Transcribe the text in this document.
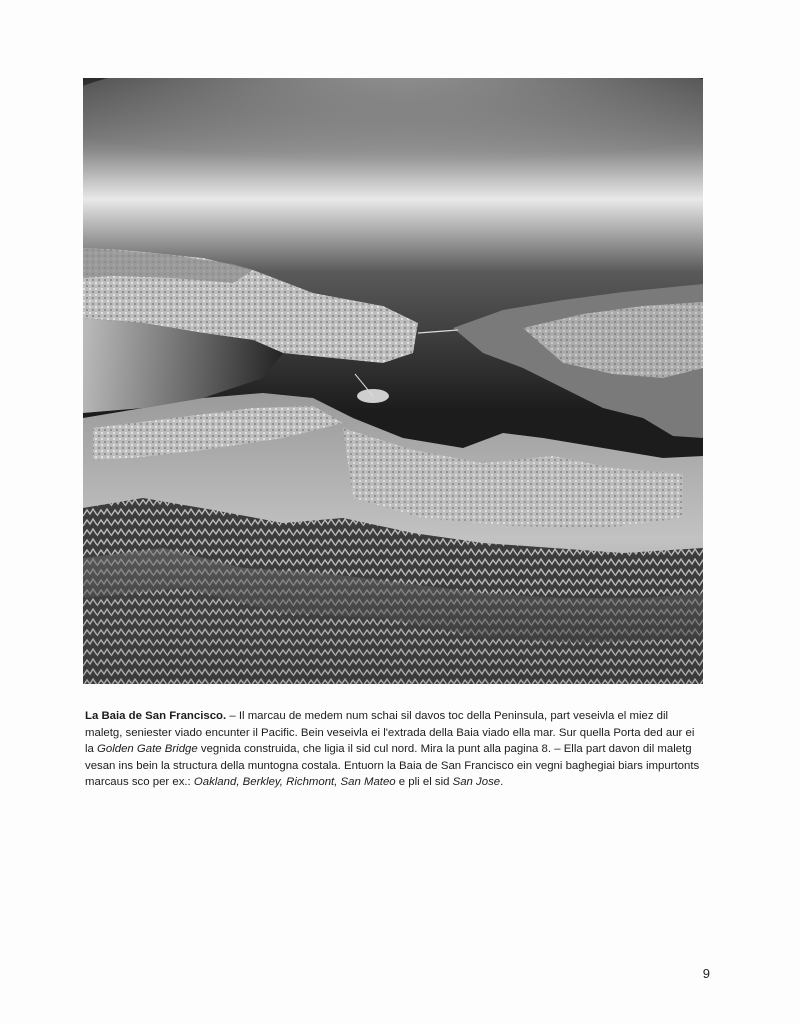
La Baia de San Francisco. – Il marcau de medem num schai sil davos toc della Peninsula, part veseivla el miez dil maletg, seniester viado encunter il Pacific. Bein veseivla ei l'extrada della Baia viado ella mar. Sur quella Porta ded aur ei la Golden Gate Bridge vegnida construida, che ligia il sid cul nord. Mira la punt alla pagina 8. – Ella part davon dil maletg vesan ins bein la structura della muntogna costala. Entuorn la Baia de San Francisco ein vegni baghegiai biars impurtonts marcaus sco per ex.: Oakland, Berkley, Richmont, San Mateo e pli el sid San Jose.

9
